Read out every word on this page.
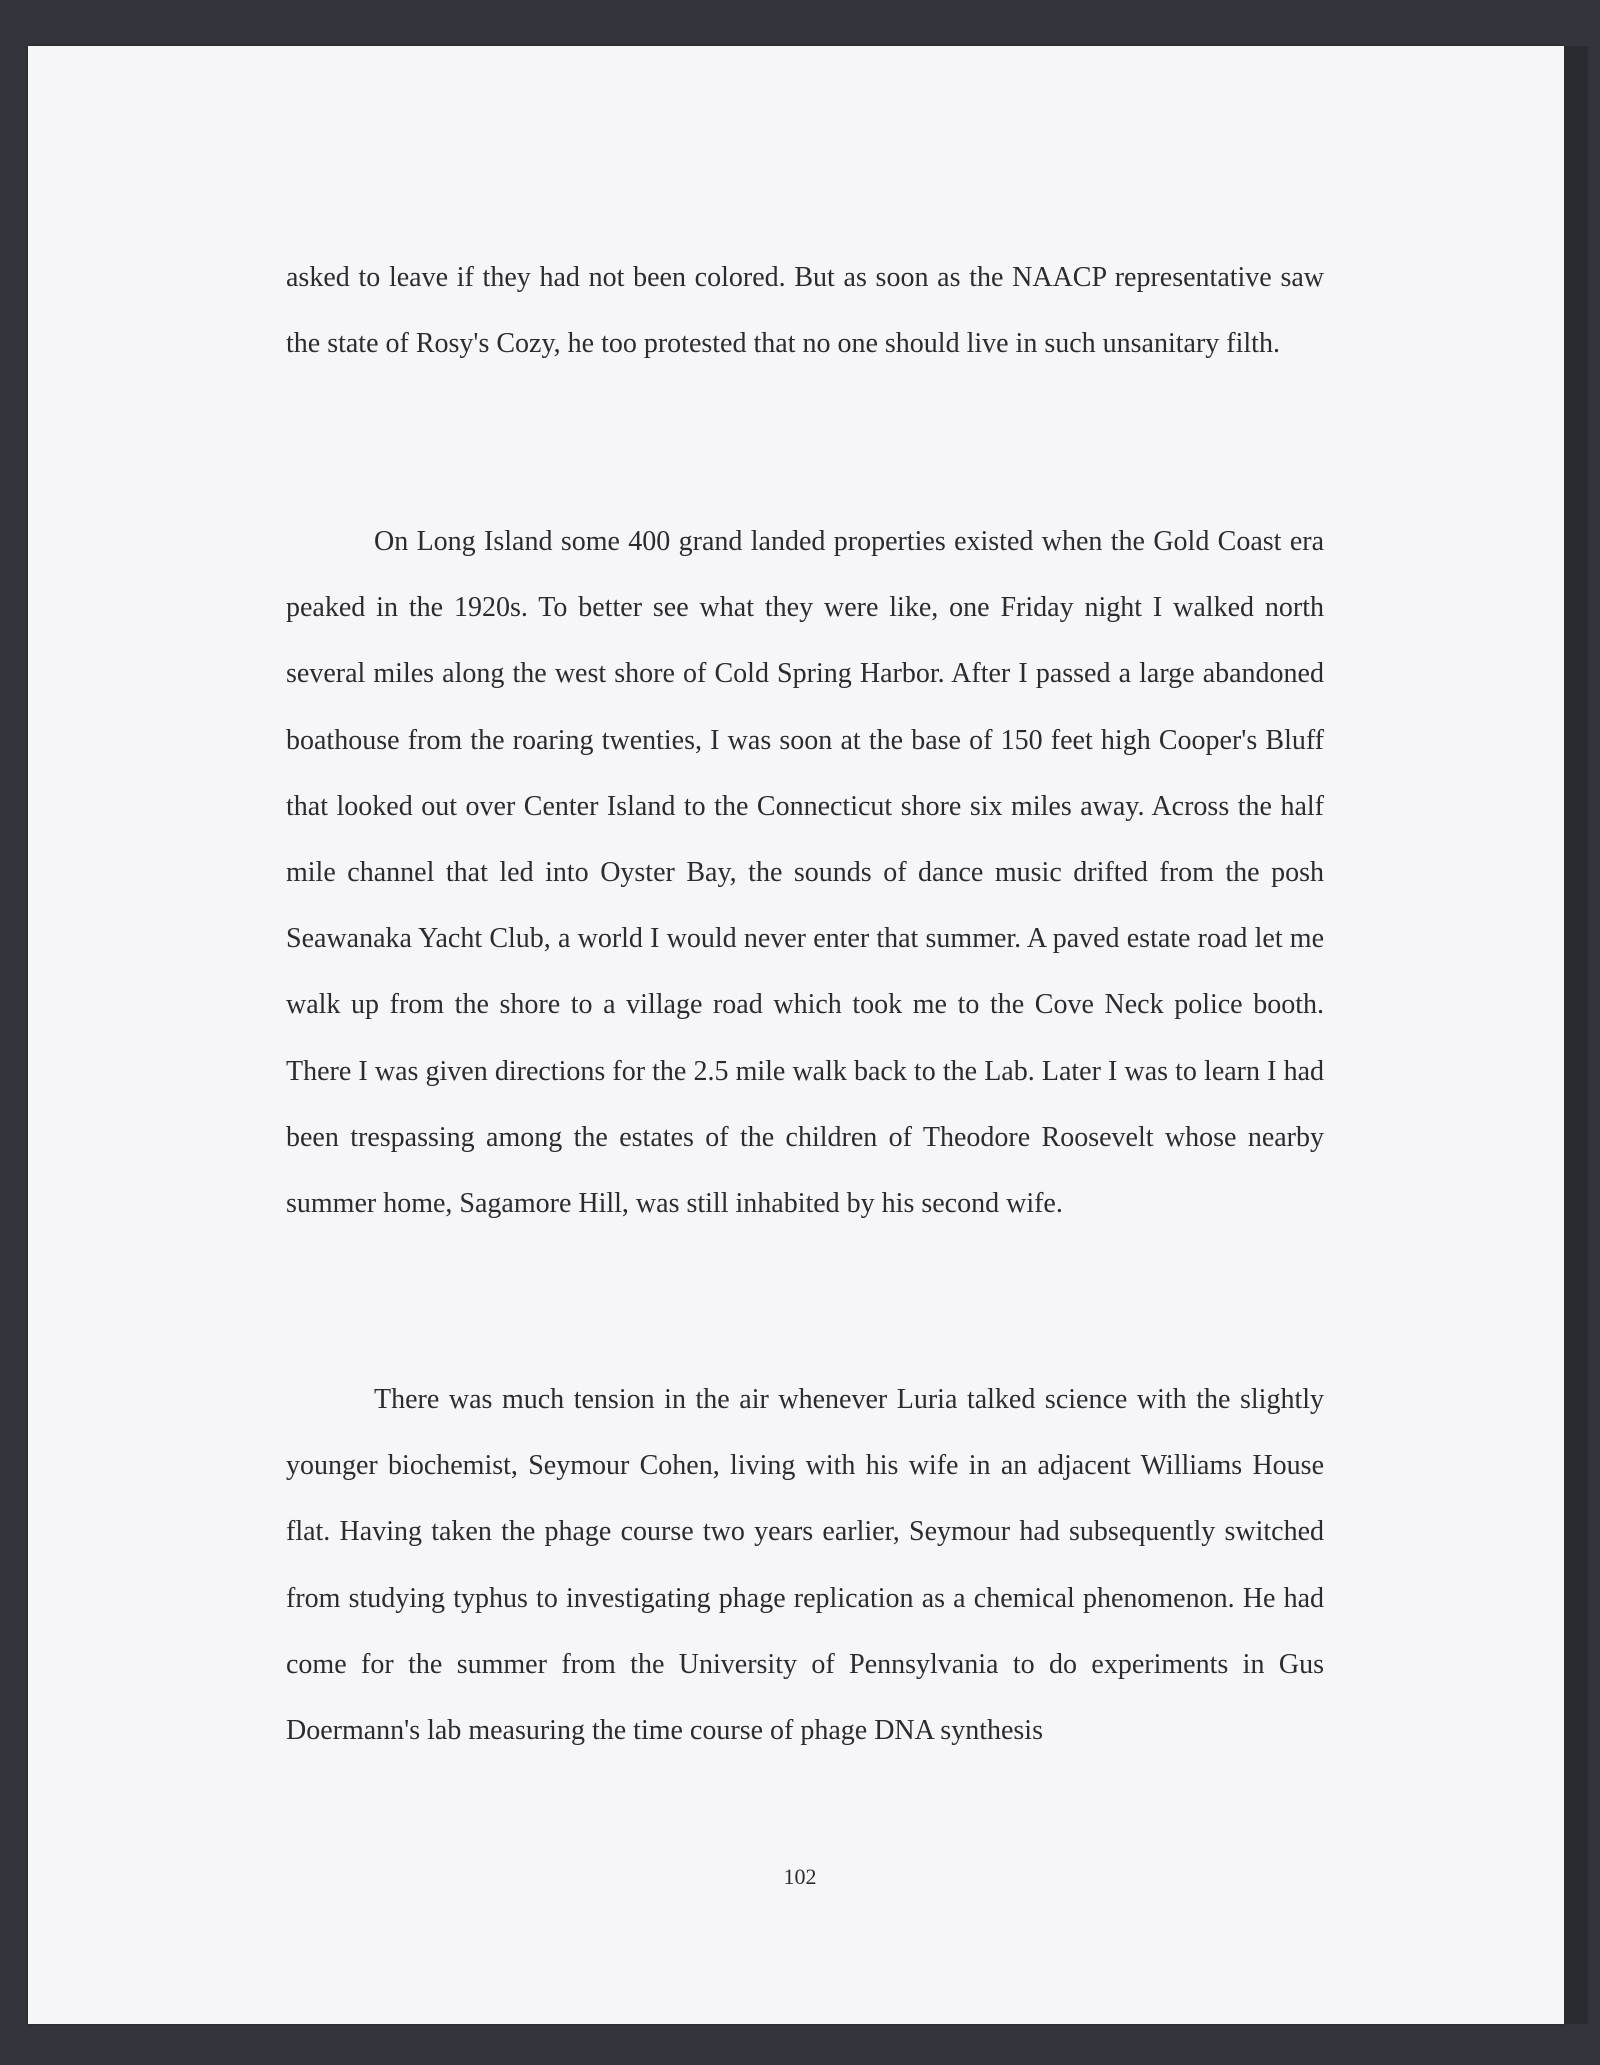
asked to leave if they had not been colored. But as soon as the NAACP representative saw the state of Rosy's Cozy, he too protested that no one should live in such unsanitary filth.

On Long Island some 400 grand landed properties existed when the Gold Coast era peaked in the 1920s. To better see what they were like, one Friday night I walked north several miles along the west shore of Cold Spring Harbor. After I passed a large abandoned boathouse from the roaring twenties, I was soon at the base of 150 feet high Cooper's Bluff that looked out over Center Island to the Connecticut shore six miles away. Across the half mile channel that led into Oyster Bay, the sounds of dance music drifted from the posh Seawanaka Yacht Club, a world I would never enter that summer. A paved estate road let me walk up from the shore to a village road which took me to the Cove Neck police booth. There I was given directions for the 2.5 mile walk back to the Lab. Later I was to learn I had been trespassing among the estates of the children of Theodore Roosevelt whose nearby summer home, Sagamore Hill, was still inhabited by his second wife.

There was much tension in the air whenever Luria talked science with the slightly younger biochemist, Seymour Cohen, living with his wife in an adjacent Williams House flat. Having taken the phage course two years earlier, Seymour had subsequently switched from studying typhus to investigating phage replication as a chemical phenomenon. He had come for the summer from the University of Pennsylvania to do experiments in Gus Doermann's lab measuring the time course of phage DNA synthesis

102
